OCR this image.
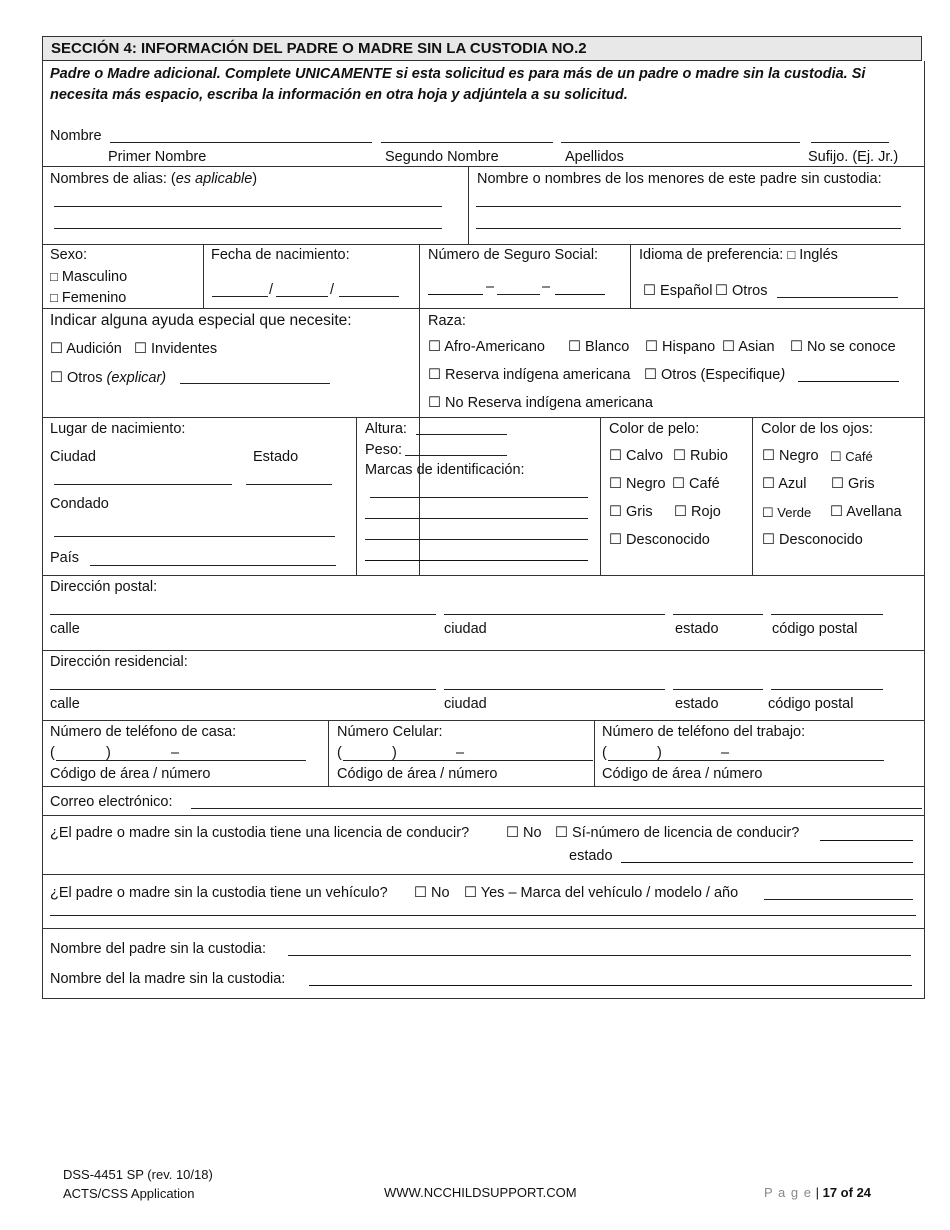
SECCIÓN 4: INFORMACIÓN DEL PADRE O MADRE SIN LA CUSTODIA NO.2
Padre o Madre adicional. Complete UNICAMENTE si esta solicitud es para más de un padre o madre sin la custodia. Si
necesita más espacio, escriba la información en otra hoja y adjúntela a su solicitud.
Nombre
Primer Nombre	Segundo Nombre	Apellidos	Sufijo. (Ej. Jr.)
Nombres de alias: (es aplicable)	Nombre o nombres de los menores de este padre sin custodia:
Sexo:
□ Masculino
□ Femenino
Fecha de nacimiento:
/	/
Número de Seguro Social:
–	–
Idioma de preferencia: □ Inglés
☐ Español ☐ Otros
Indicar alguna ayuda especial que necesite:
☐ Audición ☐ Invidentes
☐ Otros (explicar)
Raza:
☐ Afro-Americano ☐ Blanco ☐ Hispano ☐ Asian ☐ No se conoce
☐ Reserva indígena americana ☐ Otros (Especifique)
☐ No Reserva indígena americana
Lugar de nacimiento:
Ciudad	Estado
Condado
País
Altura:
Peso:
Marcas de identificación:
Color de pelo:
☐ Calvo ☐ Rubio
☐ Negro ☐ Café
☐ Gris ☐ Rojo
☐ Desconocido
Color de los ojos:
☐ Negro ☐ Café
☐ Azul ☐ Gris
☐ Verde ☐ Avellana
☐ Desconocido
Dirección postal:
calle	ciudad	estado	código postal
Dirección residencial:
calle	ciudad	estado	código postal
Número de teléfono de casa:
(	)	–
Código de área / número
Número Celular:
(	)	–
Código de área / número
Número de teléfono del trabajo:
(	)	–
Código de área / número
Correo electrónico:
¿El padre o madre sin la custodia tiene una licencia de conducir?	☐ No ☐ Sí-número de licencia de conducir?
estado
¿El padre o madre sin la custodia tiene un vehículo? ☐ No ☐ Yes – Marca del vehículo / modelo / año
Nombre del padre sin la custodia:
Nombre del la madre sin la custodia:
DSS-4451 SP (rev. 10/18)
ACTS/CSS Application	WWW.NCCHILDSUPPORT.COM	P a g e | 17 of 24
